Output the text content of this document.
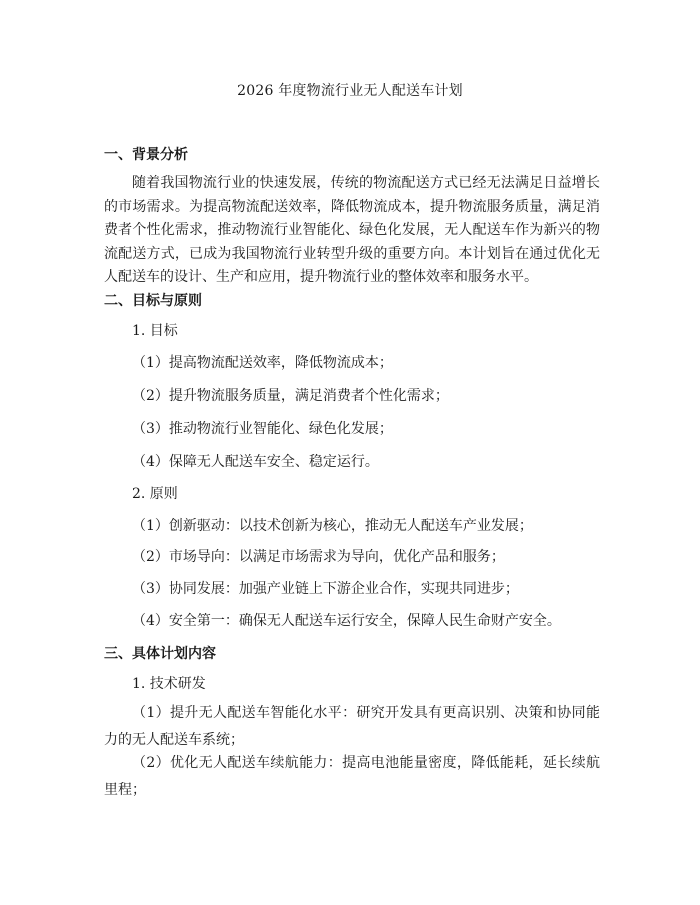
2026 年度物流行业无人配送车计划
一、背景分析
随着我国物流行业的快速发展，传统的物流配送方式已经无法满足日益增长的市场需求。为提高物流配送效率，降低物流成本，提升物流服务质量，满足消费者个性化需求，推动物流行业智能化、绿色化发展，无人配送车作为新兴的物流配送方式，已成为我国物流行业转型升级的重要方向。本计划旨在通过优化无人配送车的设计、生产和应用，提升物流行业的整体效率和服务水平。
二、目标与原则
1. 目标
（1）提高物流配送效率，降低物流成本；
（2）提升物流服务质量，满足消费者个性化需求；
（3）推动物流行业智能化、绿色化发展；
（4）保障无人配送车安全、稳定运行。
2. 原则
（1）创新驱动：以技术创新为核心，推动无人配送车产业发展；
（2）市场导向：以满足市场需求为导向，优化产品和服务；
（3）协同发展：加强产业链上下游企业合作，实现共同进步；
（4）安全第一：确保无人配送车运行安全，保障人民生命财产安全。
三、具体计划内容
1. 技术研发
（1）提升无人配送车智能化水平：研究开发具有更高识别、决策和协同能力的无人配送车系统；
（2）优化无人配送车续航能力：提高电池能量密度，降低能耗，延长续航里程；
